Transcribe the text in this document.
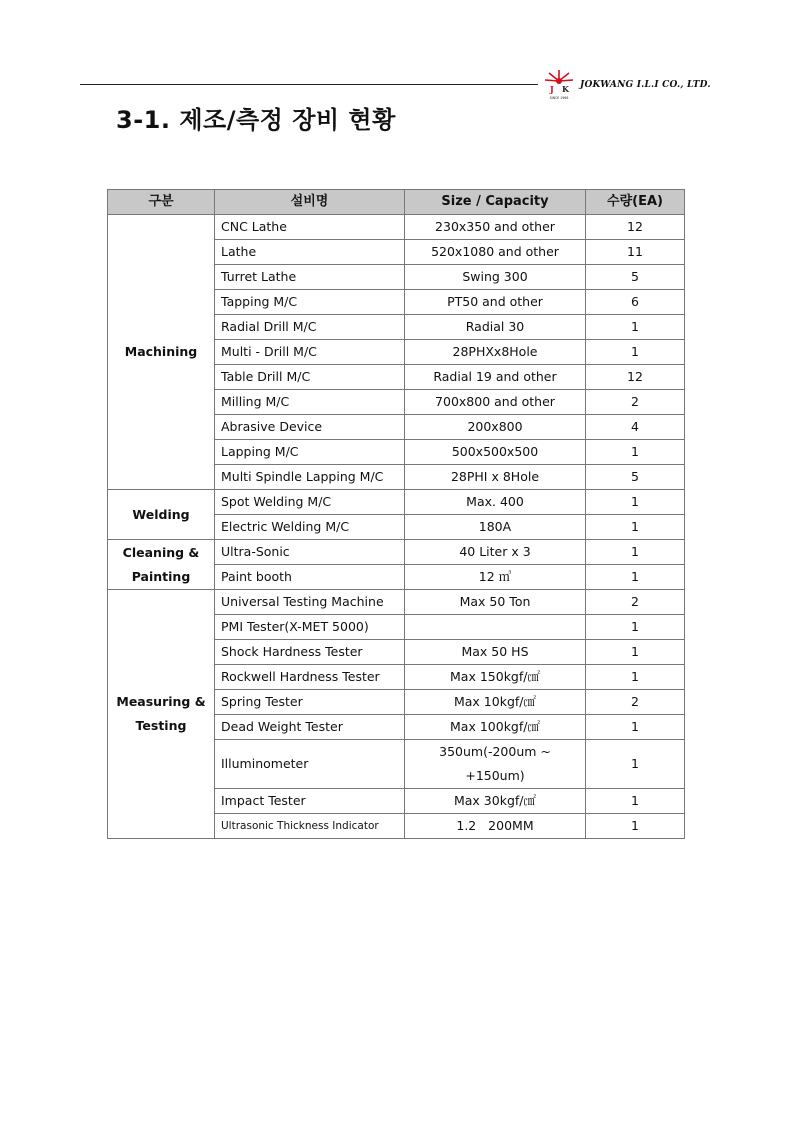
J K
SINCE 1966
JOKWANG I.L.I CO., LTD.
3-1. 제조/측정 장비 현황
구분	설비명	Size / Capacity	수량(EA)
Machining	CNC Lathe	230x350 and other	12
	Lathe	520x1080 and other	11
	Turret Lathe	Swing 300	5
	Tapping M/C	PT50 and other	6
	Radial Drill M/C	Radial 30	1
	Multi - Drill M/C	28PHXx8Hole	1
	Table Drill M/C	Radial 19 and other	12
	Milling M/C	700x800 and other	2
	Abrasive Device	200x800	4
	Lapping M/C	500x500x500	1
	Multi Spindle Lapping M/C	28PHI x 8Hole	5
Welding	Spot Welding M/C	Max. 400	1
	Electric Welding M/C	180A	1
Cleaning &
Painting	Ultra-Sonic	40 Liter x 3	1
	Paint booth	12 ㎥	1
Measuring &
Testing	Universal Testing Machine	Max 50 Ton	2
	PMI Tester(X-MET 5000)		1
	Shock Hardness Tester	Max 50 HS	1
	Rockwell Hardness Tester	Max 150kgf/㎠	1
	Spring Tester	Max 10kgf/㎠	2
	Dead Weight Tester	Max 100kgf/㎠	1
	Illuminometer	350um(-200um ~
+150um)	1
	Impact Tester	Max 30kgf/㎠	1
	Ultrasonic Thickness Indicator	1.2   200MM	1
